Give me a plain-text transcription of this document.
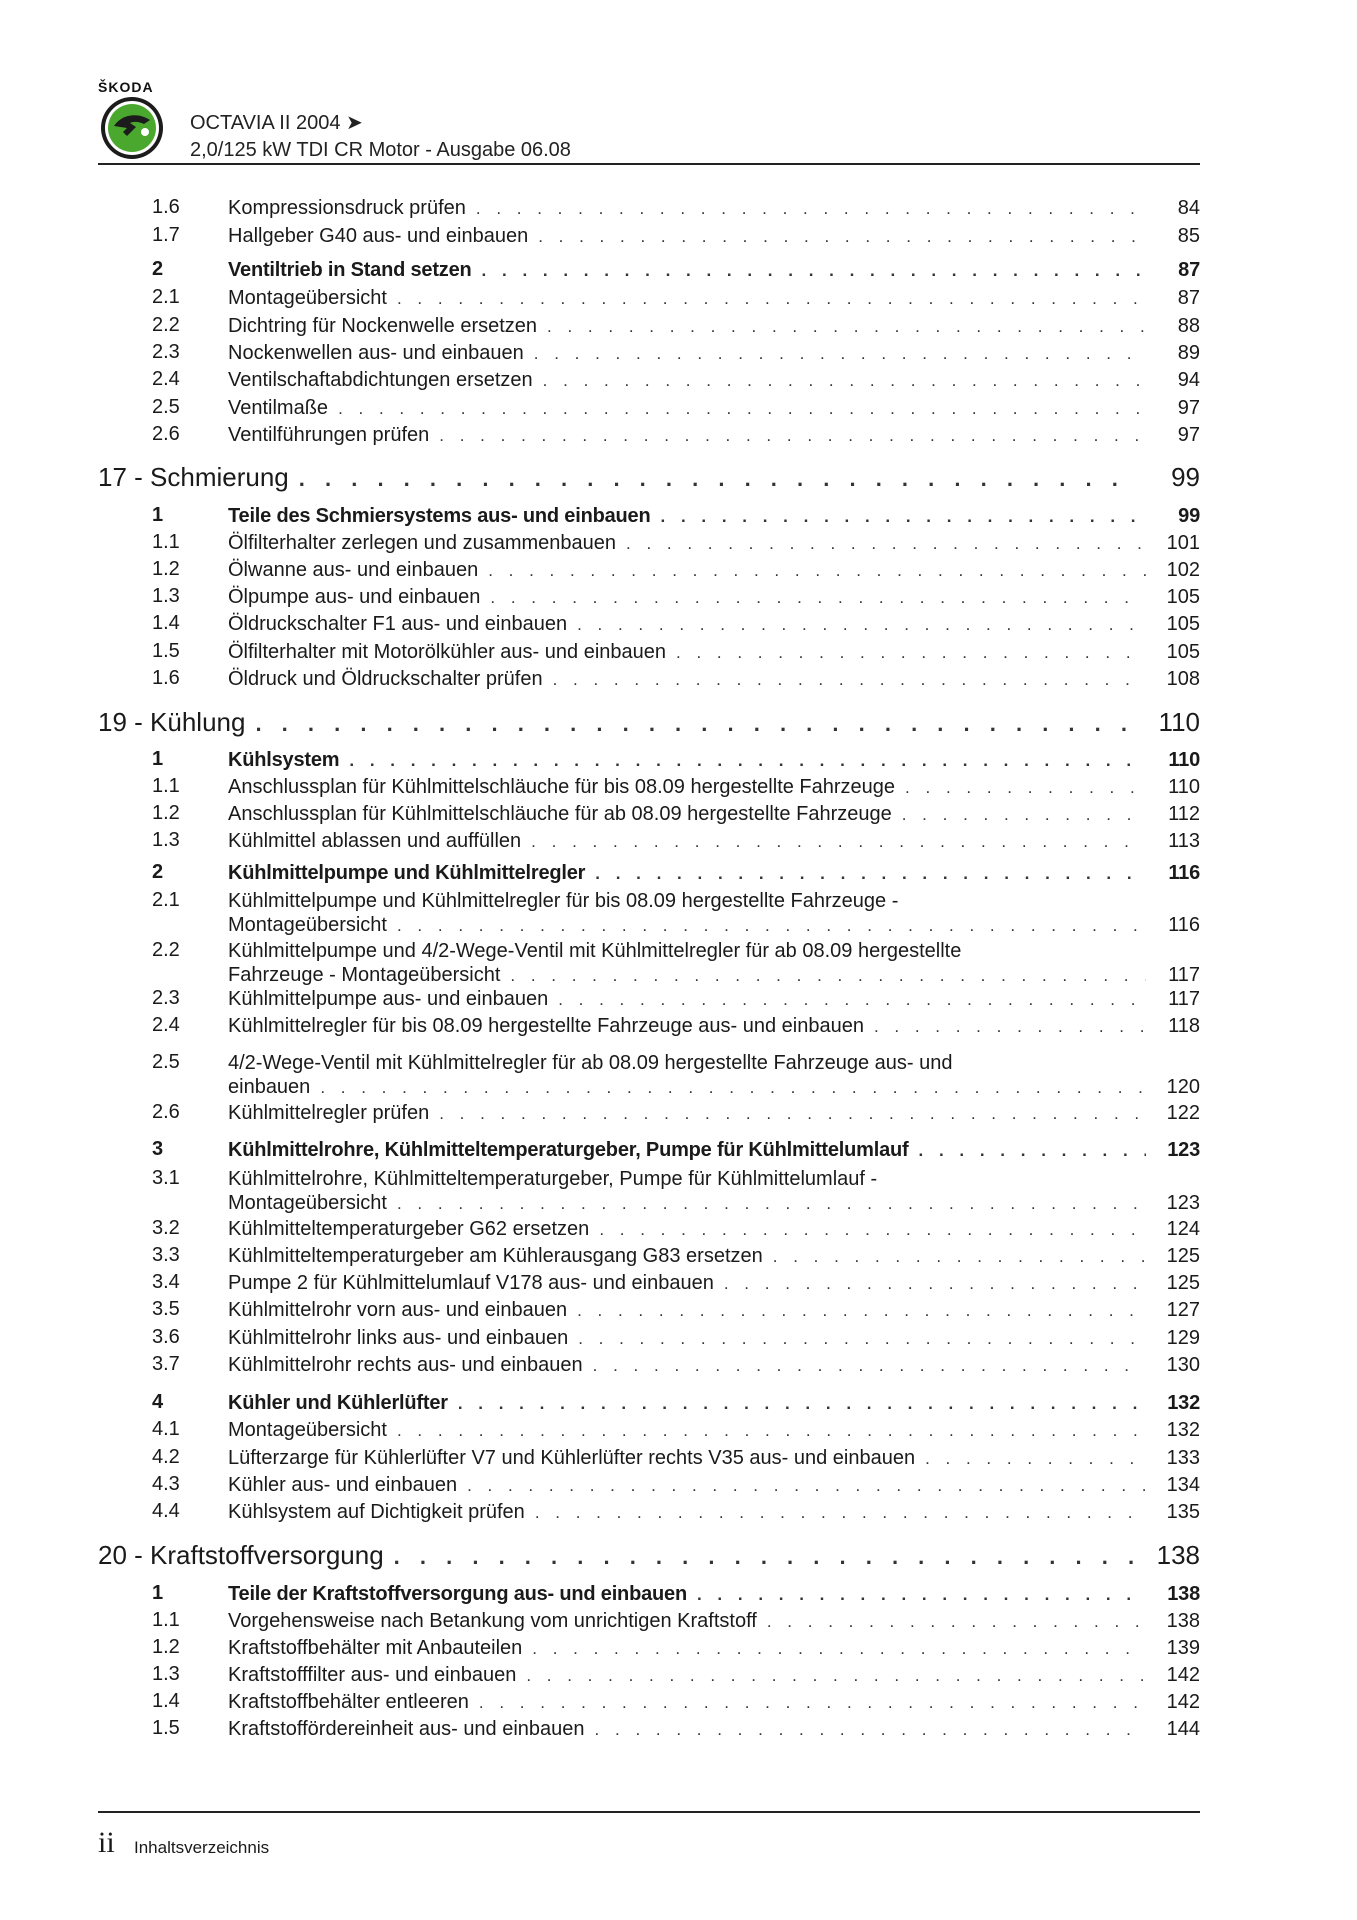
ŠKODA
OCTAVIA II 2004 ➤
2,0/125 kW TDI CR Motor - Ausgabe 06.08
1.6 Kompressionsdruck prüfen . . .	84
1.7 Hallgeber G40 aus- und einbauen . . .	85
2	Ventiltrieb in Stand setzen . . .	87
2.1 Montageübersicht . . .	87
2.2 Dichtring für Nockenwelle ersetzen . . .	88
2.3 Nockenwellen aus- und einbauen . . .	89
2.4 Ventilschaftabdichtungen ersetzen . . .	94
2.5 Ventilmaße . . .	97
2.6 Ventilführungen prüfen . . .	97
17 - Schmierung . . .	99
1	Teile des Schmiersystems aus- und einbauen . . .	99
1.1 Ölfilterhalter zerlegen und zusammenbauen . . .	101
1.2 Ölwanne aus- und einbauen . . .	102
1.3 Ölpumpe aus- und einbauen . . .	105
1.4 Öldruckschalter F1 aus- und einbauen . . .	105
1.5 Ölfilterhalter mit Motorölkühler aus- und einbauen . . .	105
1.6 Öldruck und Öldruckschalter prüfen . . .	108
19 - Kühlung . . .	110
1	Kühlsystem . . .	110
1.1 Anschlussplan für Kühlmittelschläuche für bis 08.09 hergestellte Fahrzeuge . . .	110
1.2 Anschlussplan für Kühlmittelschläuche für ab 08.09 hergestellte Fahrzeuge . . .	112
1.3 Kühlmittel ablassen und auffüllen . . .	113
2	Kühlmittelpumpe und Kühlmittelregler . . .	116
2.1 Kühlmittelpumpe und Kühlmittelregler für bis 08.09 hergestellte Fahrzeuge -
Montageübersicht . . .	116
2.2 Kühlmittelpumpe und 4/2-Wege-Ventil mit Kühlmittelregler für ab 08.09 hergestellte
Fahrzeuge - Montageübersicht . . .	117
2.3 Kühlmittelpumpe aus- und einbauen . . .	117
2.4 Kühlmittelregler für bis 08.09 hergestellte Fahrzeuge aus- und einbauen . . .	118
2.5 4/2-Wege-Ventil mit Kühlmittelregler für ab 08.09 hergestellte Fahrzeuge aus- und
einbauen . . .	120
2.6 Kühlmittelregler prüfen . . .	122
3	Kühlmittelrohre, Kühlmitteltemperaturgeber, Pumpe für Kühlmittelumlauf . . .	123
3.1 Kühlmittelrohre, Kühlmitteltemperaturgeber, Pumpe für Kühlmittelumlauf -
Montageübersicht . . .	123
3.2 Kühlmitteltemperaturgeber G62 ersetzen . . .	124
3.3 Kühlmitteltemperaturgeber am Kühlerausgang G83 ersetzen . . .	125
3.4 Pumpe 2 für Kühlmittelumlauf V178 aus- und einbauen . . .	125
3.5 Kühlmittelrohr vorn aus- und einbauen . . .	127
3.6 Kühlmittelrohr links aus- und einbauen . . .	129
3.7 Kühlmittelrohr rechts aus- und einbauen . . .	130
4	Kühler und Kühlerlüfter . . .	132
4.1 Montageübersicht . . .	132
4.2 Lüfterzarge für Kühlerlüfter V7 und Kühlerlüfter rechts V35 aus- und einbauen . . .	133
4.3 Kühler aus- und einbauen . . .	134
4.4 Kühlsystem auf Dichtigkeit prüfen . . .	135
20 - Kraftstoffversorgung . . .	138
1	Teile der Kraftstoffversorgung aus- und einbauen . . .	138
1.1 Vorgehensweise nach Betankung vom unrichtigen Kraftstoff . . .	138
1.2 Kraftstoffbehälter mit Anbauteilen . . .	139
1.3 Kraftstofffilter aus- und einbauen . . .	142
1.4 Kraftstoffbehälter entleeren . . .	142
1.5 Kraftstoffördereinheit aus- und einbauen . . .	144
ii Inhaltsverzeichnis
